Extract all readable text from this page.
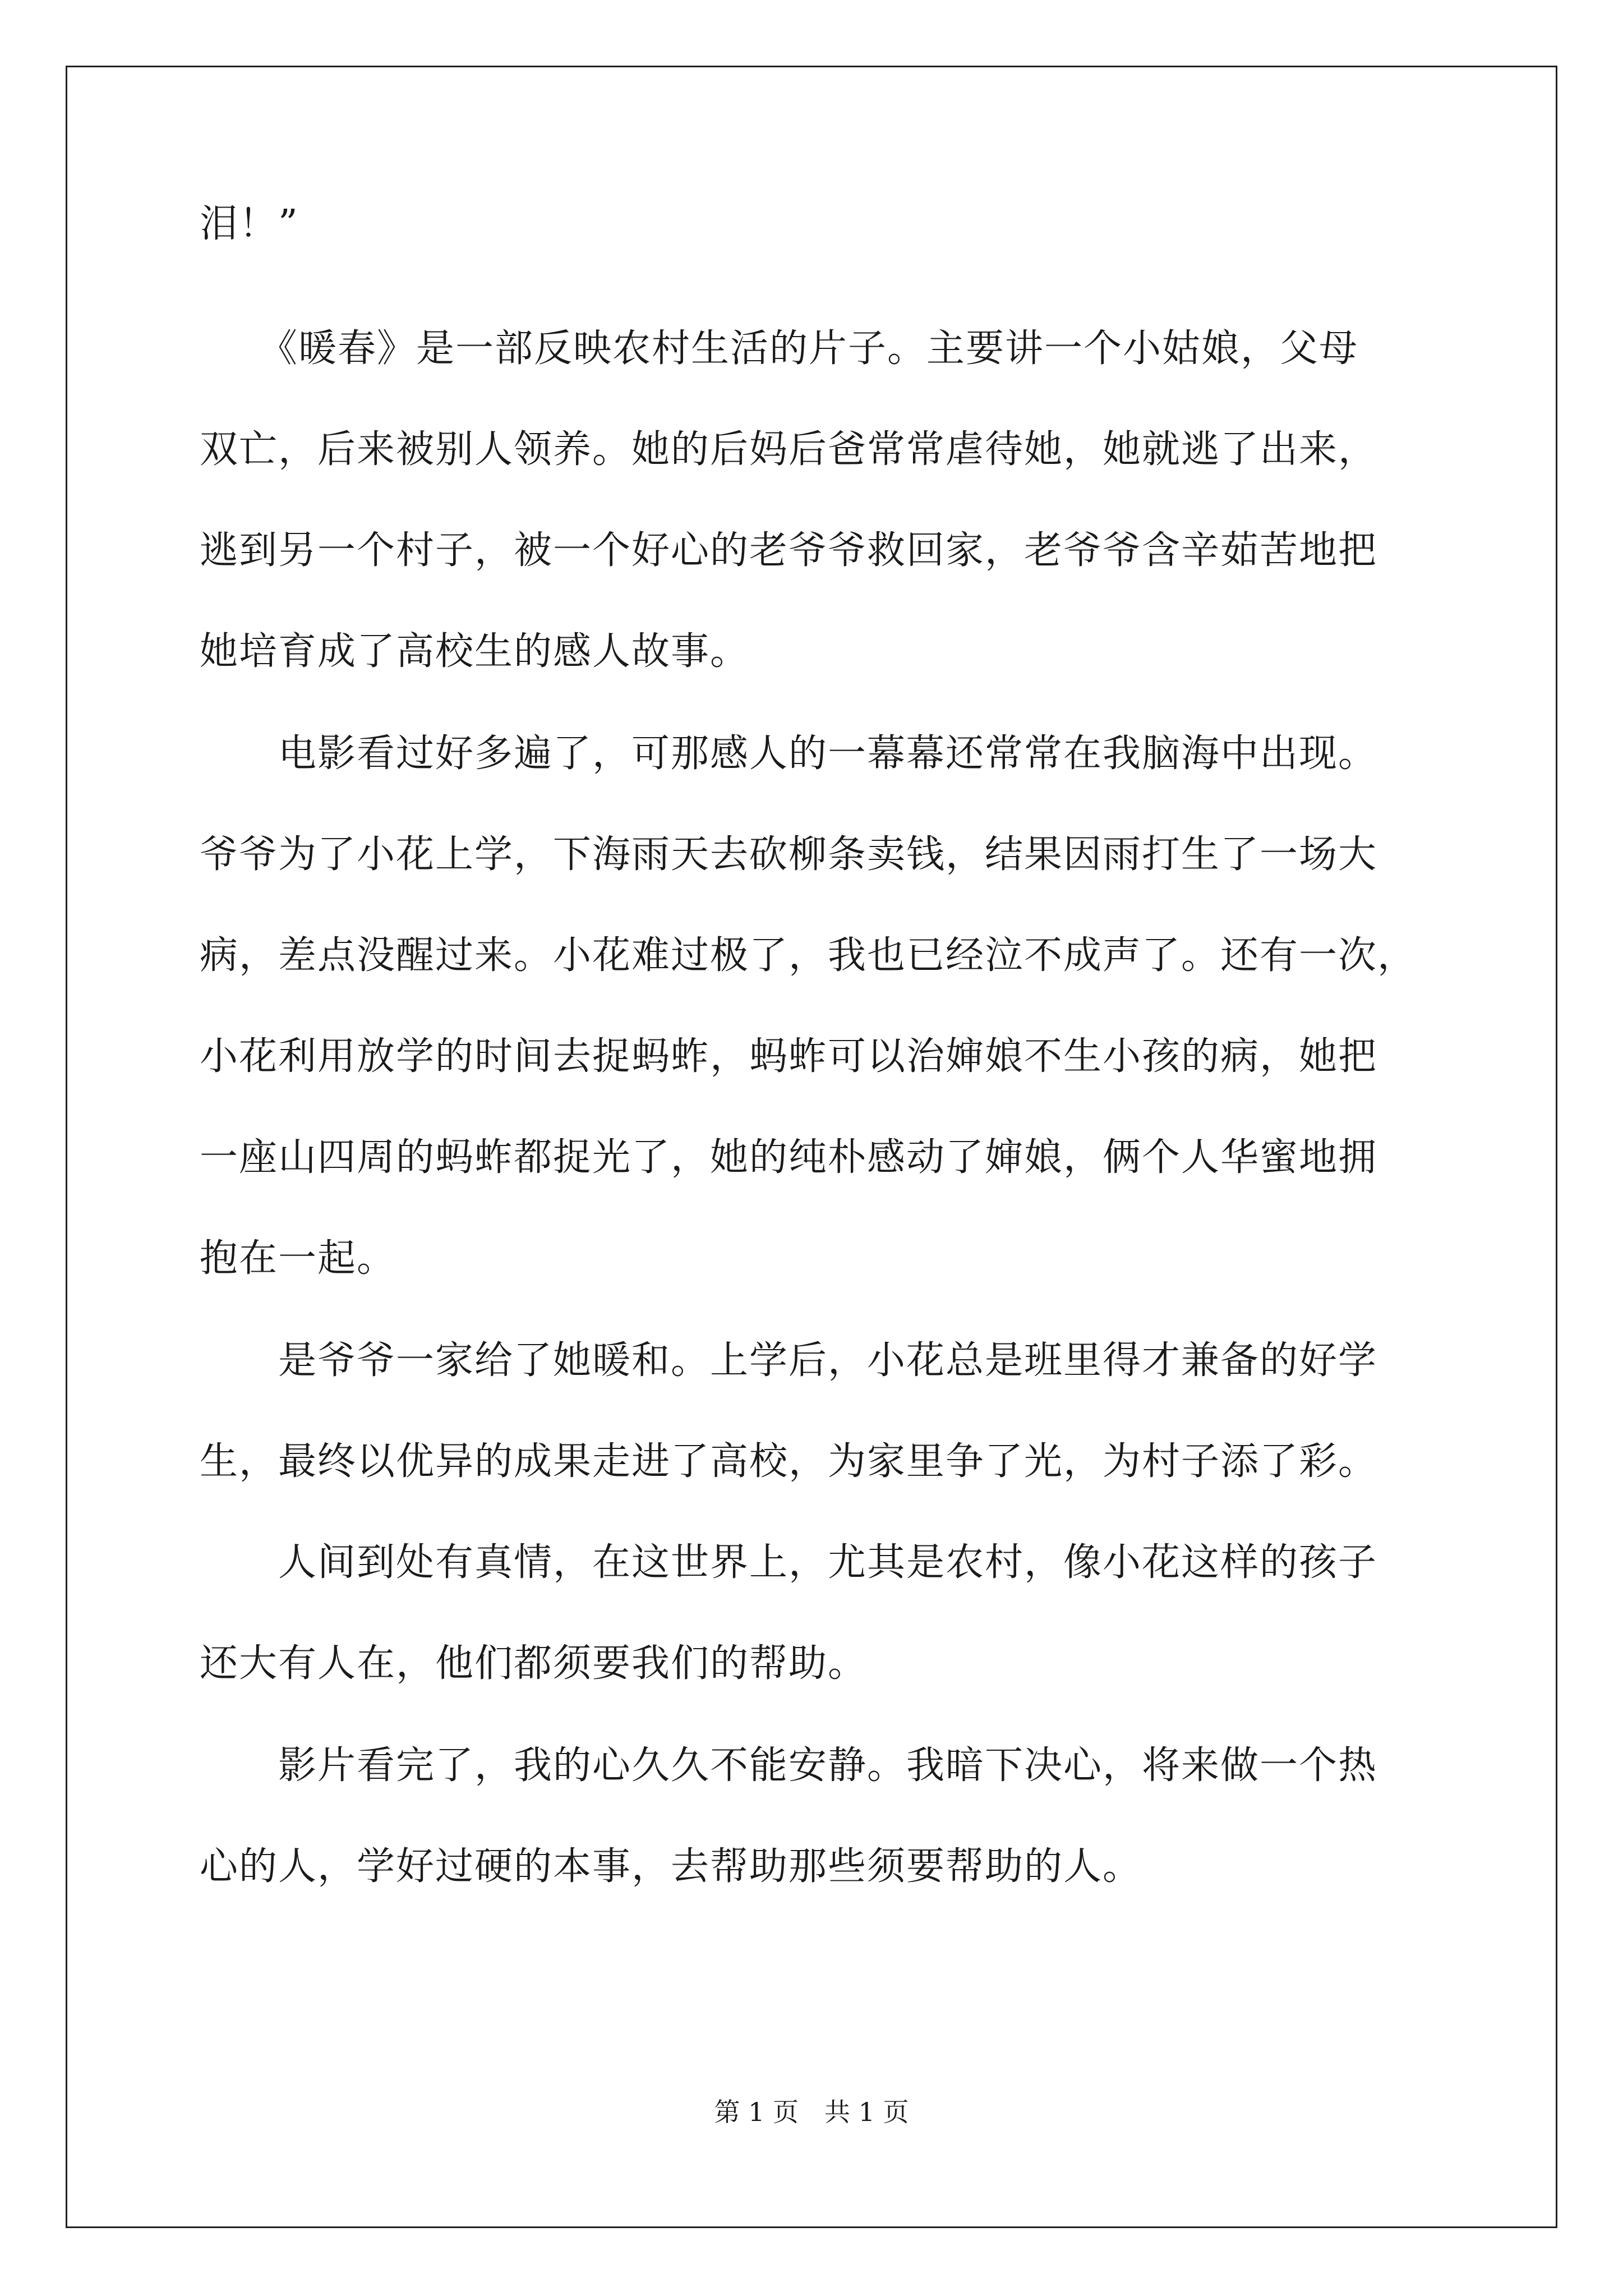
泪！”
　　《暖春》是一部反映农村生活的片子。主要讲一个小姑娘，父母
双亡，后来被别人领养。她的后妈后爸常常虐待她，她就逃了出来，
逃到另一个村子，被一个好心的老爷爷救回家，老爷爷含辛茹苦地把
她培育成了高校生的感人故事。
　　电影看过好多遍了，可那感人的一幕幕还常常在我脑海中出现。
爷爷为了小花上学，下海雨天去砍柳条卖钱，结果因雨打生了一场大
病，差点没醒过来。小花难过极了，我也已经泣不成声了。还有一次，
小花利用放学的时间去捉蚂蚱，蚂蚱可以治婶娘不生小孩的病，她把
一座山四周的蚂蚱都捉光了，她的纯朴感动了婶娘，俩个人华蜜地拥
抱在一起。
　　是爷爷一家给了她暖和。上学后，小花总是班里得才兼备的好学
生，最终以优异的成果走进了高校，为家里争了光，为村子添了彩。
　　人间到处有真情，在这世界上，尤其是农村，像小花这样的孩子
还大有人在，他们都须要我们的帮助。
　　影片看完了，我的心久久不能安静。我暗下决心，将来做一个热
心的人，学好过硬的本事，去帮助那些须要帮助的人。
第 1 页　共 1 页
